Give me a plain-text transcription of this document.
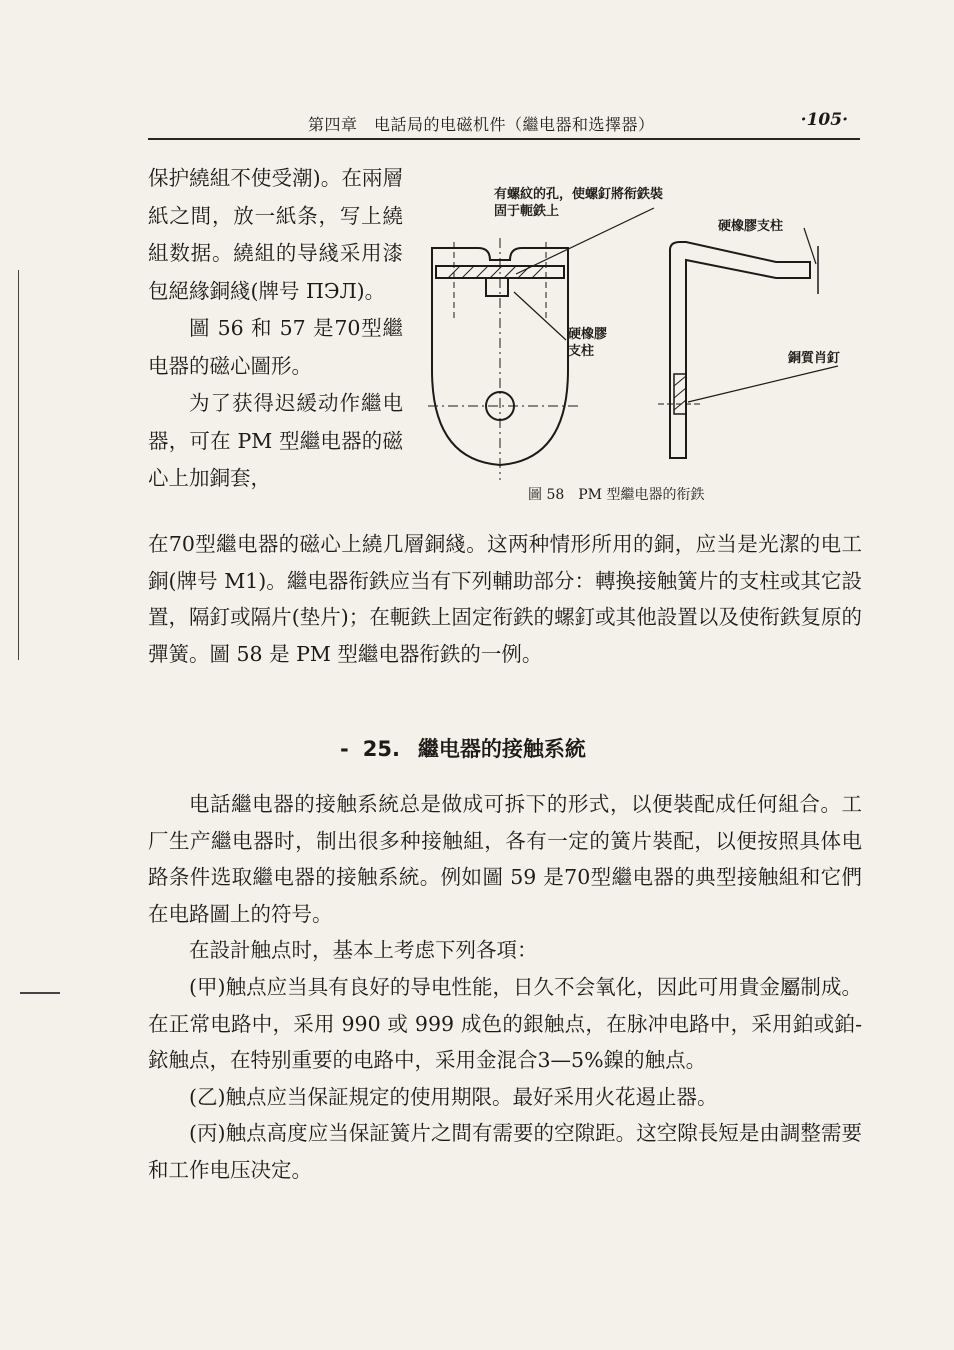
第四章　电話局的电磁机件（繼电器和选擇器）	·105·

保护繞組不使受潮)。在兩層紙之間，放一紙条，写上繞組数据。繞組的导綫采用漆包絕緣銅綫(牌号 ПЭЛ)。

圖 56 和 57 是70型繼电器的磁心圖形。

为了获得迟緩动作繼电器，可在 PM 型繼电器的磁心上加銅套，

有螺紋的孔，使螺釘將衔鉄裝固于軛鉄上
硬橡膠支柱
硬橡膠支柱	銅質肖釘
圖 58　PM 型繼电器的衔鉄

在70型繼电器的磁心上繞几層銅綫。这两种情形所用的銅，应当是光潔的电工銅(牌号 M1)。繼电器衔鉄应当有下列輔助部分：轉換接触簧片的支柱或其它設置，隔釘或隔片(垫片)；在軛鉄上固定衔鉄的螺釘或其他設置以及使衔鉄复原的彈簧。圖 58 是 PM 型繼电器衔鉄的一例。

- 25. 繼电器的接触系統

电話繼电器的接触系統总是做成可拆下的形式，以便裝配成任何組合。工厂生产繼电器时，制出很多种接触組，各有一定的簧片裝配，以便按照具体电路条件选取繼电器的接触系統。例如圖 59 是70型繼电器的典型接触組和它們在电路圖上的符号。

在設計触点时，基本上考虑下列各項：

(甲)触点应当具有良好的导电性能，日久不会氧化，因此可用貴金屬制成。在正常电路中，采用 990 或 999 成色的銀触点，在脉冲电路中，采用鉑或鉑-銥触点，在特别重要的电路中，采用金混合3—5%鎳的触点。

(乙)触点应当保証規定的使用期限。最好采用火花遏止器。

(丙)触点高度应当保証簧片之間有需要的空隙距。这空隙長短是由調整需要和工作电压决定。
